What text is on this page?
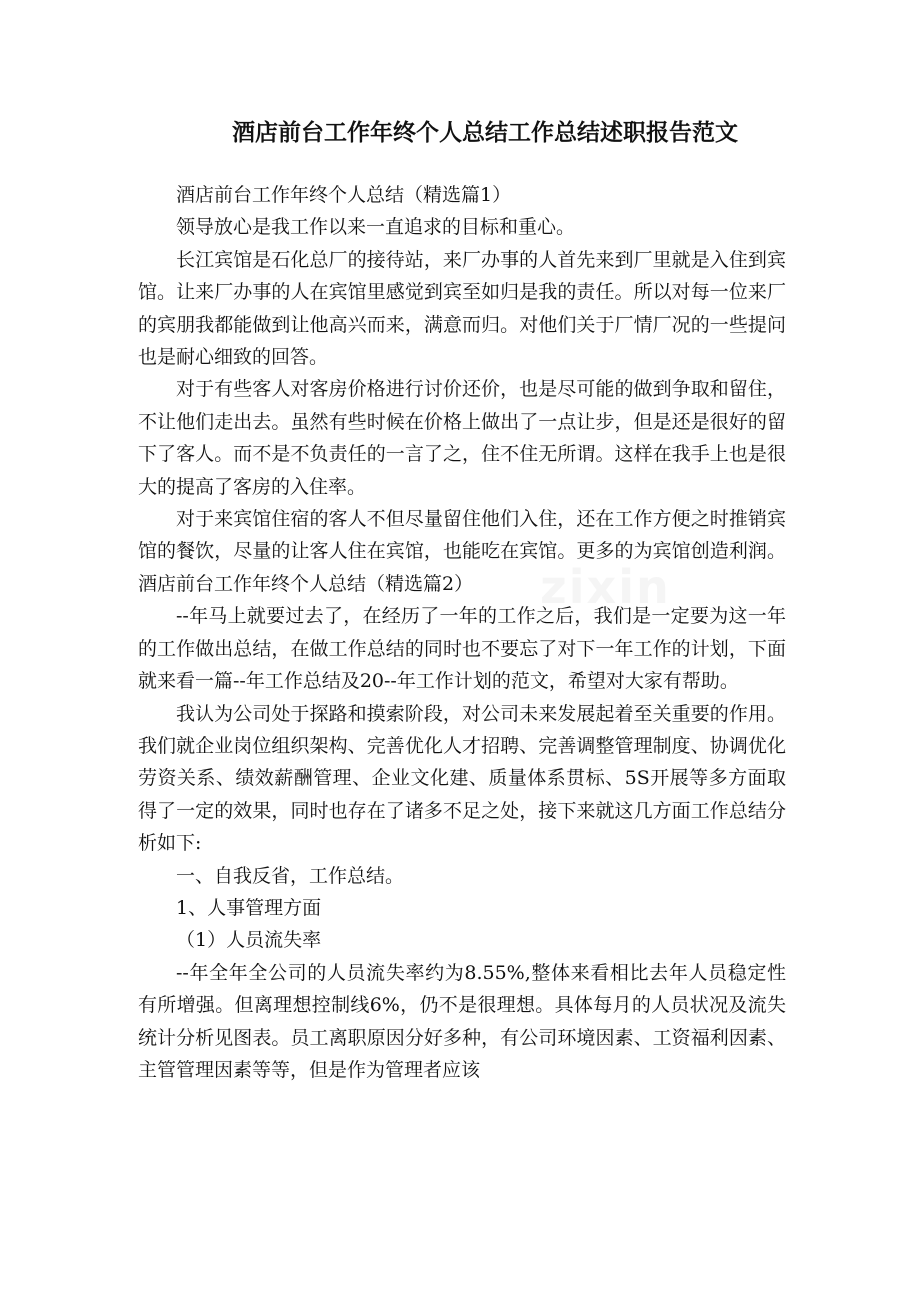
酒店前台工作年终个人总结工作总结述职报告范文

酒店前台工作年终个人总结（精选篇1）

领导放心是我工作以来一直追求的目标和重心。

长江宾馆是石化总厂的接待站，来厂办事的人首先来到厂里就是入住到宾馆。让来厂办事的人在宾馆里感觉到宾至如归是我的责任。所以对每一位来厂的宾朋我都能做到让他高兴而来，满意而归。对他们关于厂情厂况的一些提问也是耐心细致的回答。

对于有些客人对客房价格进行讨价还价，也是尽可能的做到争取和留住，不让他们走出去。虽然有些时候在价格上做出了一点让步，但是还是很好的留下了客人。而不是不负责任的一言了之，住不住无所谓。这样在我手上也是很大的提高了客房的入住率。

对于来宾馆住宿的客人不但尽量留住他们入住，还在工作方便之时推销宾馆的餐饮，尽量的让客人住在宾馆，也能吃在宾馆。更多的为宾馆创造利润。酒店前台工作年终个人总结（精选篇2）

--年马上就要过去了，在经历了一年的工作之后，我们是一定要为这一年的工作做出总结，在做工作总结的同时也不要忘了对下一年工作的计划，下面就来看一篇--年工作总结及20--年工作计划的范文，希望对大家有帮助。

我认为公司处于探路和摸索阶段，对公司未来发展起着至关重要的作用。我们就企业岗位组织架构、完善优化人才招聘、完善调整管理制度、协调优化劳资关系、绩效薪酬管理、企业文化建、质量体系贯标、5S开展等多方面取得了一定的效果，同时也存在了诸多不足之处，接下来就这几方面工作总结分析如下:

一、自我反省，工作总结。

1、人事管理方面

（1）人员流失率

--年全年全公司的人员流失率约为8.55%,整体来看相比去年人员稳定性有所增强。但离理想控制线6%，仍不是很理想。具体每月的人员状况及流失统计分析见图表。员工离职原因分好多种，有公司环境因素、工资福利因素、主管管理因素等等，但是作为管理者应该

zixin
